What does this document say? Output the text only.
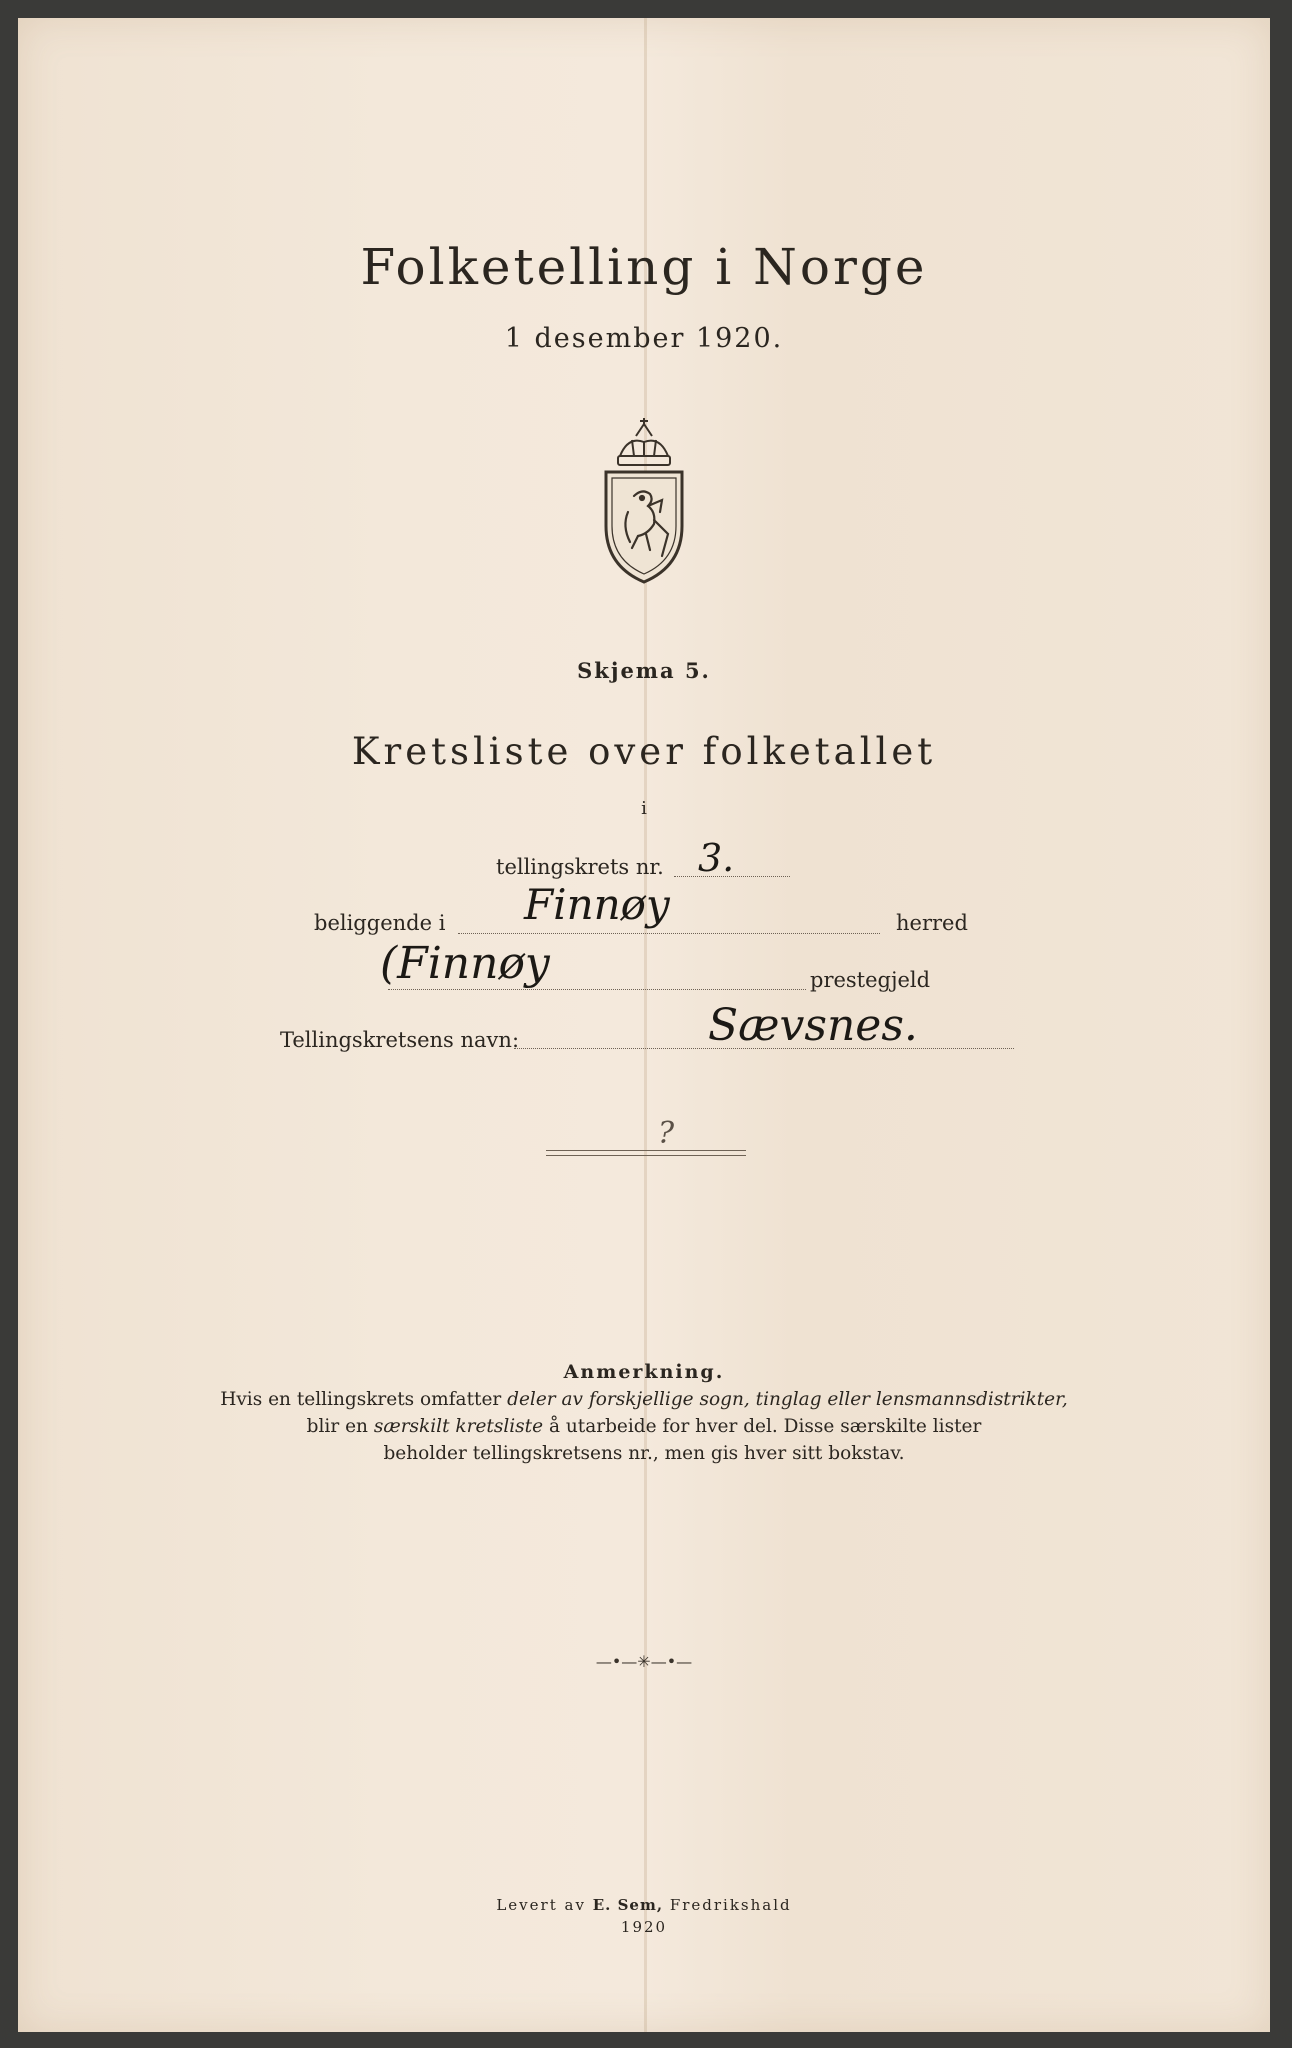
Folketelling i Norge
1 desember 1920.
Skjema 5.
Kretsliste over folketallet
i
tellingskrets nr. 3.
beliggende i Finnøy	herred
(Finnøy	prestegjeld
Tellingskretsens navn:	Sævsnes.
?
Anmerkning.
Hvis en tellingskrets omfatter deler av forskjellige sogn, tinglag eller lensmannsdistrikter,
blir en særskilt kretsliste å utarbeide for hver del. Disse særskilte lister
beholder tellingskretsens nr., men gis hver sitt bokstav.
—•—✳—•—
Levert av E. Sem, Fredrikshald
1920
